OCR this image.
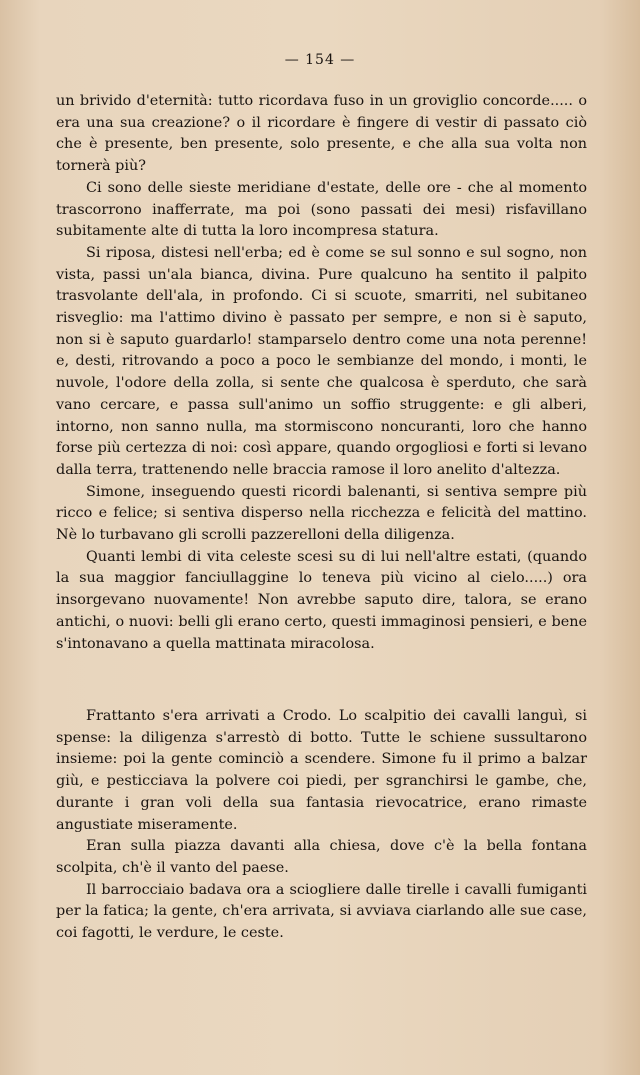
— 154 —

un brivido d'eternità: tutto ricordava fuso in un groviglio concorde..... o era una sua creazione? o il ricordare è fingere di vestir di passato ciò che è presente, ben presente, solo presente, e che alla sua volta non tornerà più?

Ci sono delle sieste meridiane d'estate, delle ore - che al momento trascorrono inafferrate, ma poi (sono passati dei mesi) risfavillano subitamente alte di tutta la loro incompresa statura.

Si riposa, distesi nell'erba; ed è come se sul sonno e sul sogno, non vista, passi un'ala bianca, divina. Pure qualcuno ha sentito il palpito trasvolante dell'ala, in profondo. Ci si scuote, smarriti, nel subitaneo risveglio: ma l'attimo divino è passato per sempre, e non si è saputo, non si è saputo guardarlo! stamparselo dentro come una nota perenne! e, desti, ritrovando a poco a poco le sembianze del mondo, i monti, le nuvole, l'odore della zolla, si sente che qualcosa è sperduto, che sarà vano cercare, e passa sull'animo un soffio struggente: e gli alberi, intorno, non sanno nulla, ma stormiscono noncuranti, loro che hanno forse più certezza di noi: così appare, quando orgogliosi e forti si levano dalla terra, trattenendo nelle braccia ramose il loro anelito d'altezza.

Simone, inseguendo questi ricordi balenanti, si sentiva sempre più ricco e felice; si sentiva disperso nella ricchezza e felicità del mattino. Nè lo turbavano gli scrolli pazzerelloni della diligenza.

Quanti lembi di vita celeste scesi su di lui nell'altre estati, (quando la sua maggior fanciullaggine lo teneva più vicino al cielo.....) ora insorgevano nuovamente! Non avrebbe saputo dire, talora, se erano antichi, o nuovi: belli gli erano certo, questi immaginosi pensieri, e bene s'intonavano a quella mattinata miracolosa.

Frattanto s'era arrivati a Crodo. Lo scalpitio dei cavalli languì, si spense: la diligenza s'arrestò di botto. Tutte le schiene sussultarono insieme: poi la gente cominciò a scendere. Simone fu il primo a balzar giù, e pesticciava la polvere coi piedi, per sgranchirsi le gambe, che, durante i gran voli della sua fantasia rievocatrice, erano rimaste angustiate miseramente.

Eran sulla piazza davanti alla chiesa, dove c'è la bella fontana scolpita, ch'è il vanto del paese.

Il barrocciaio badava ora a sciogliere dalle tirelle i cavalli fumiganti per la fatica; la gente, ch'era arrivata, si avviava ciarlando alle sue case, coi fagotti, le verdure, le ceste.
